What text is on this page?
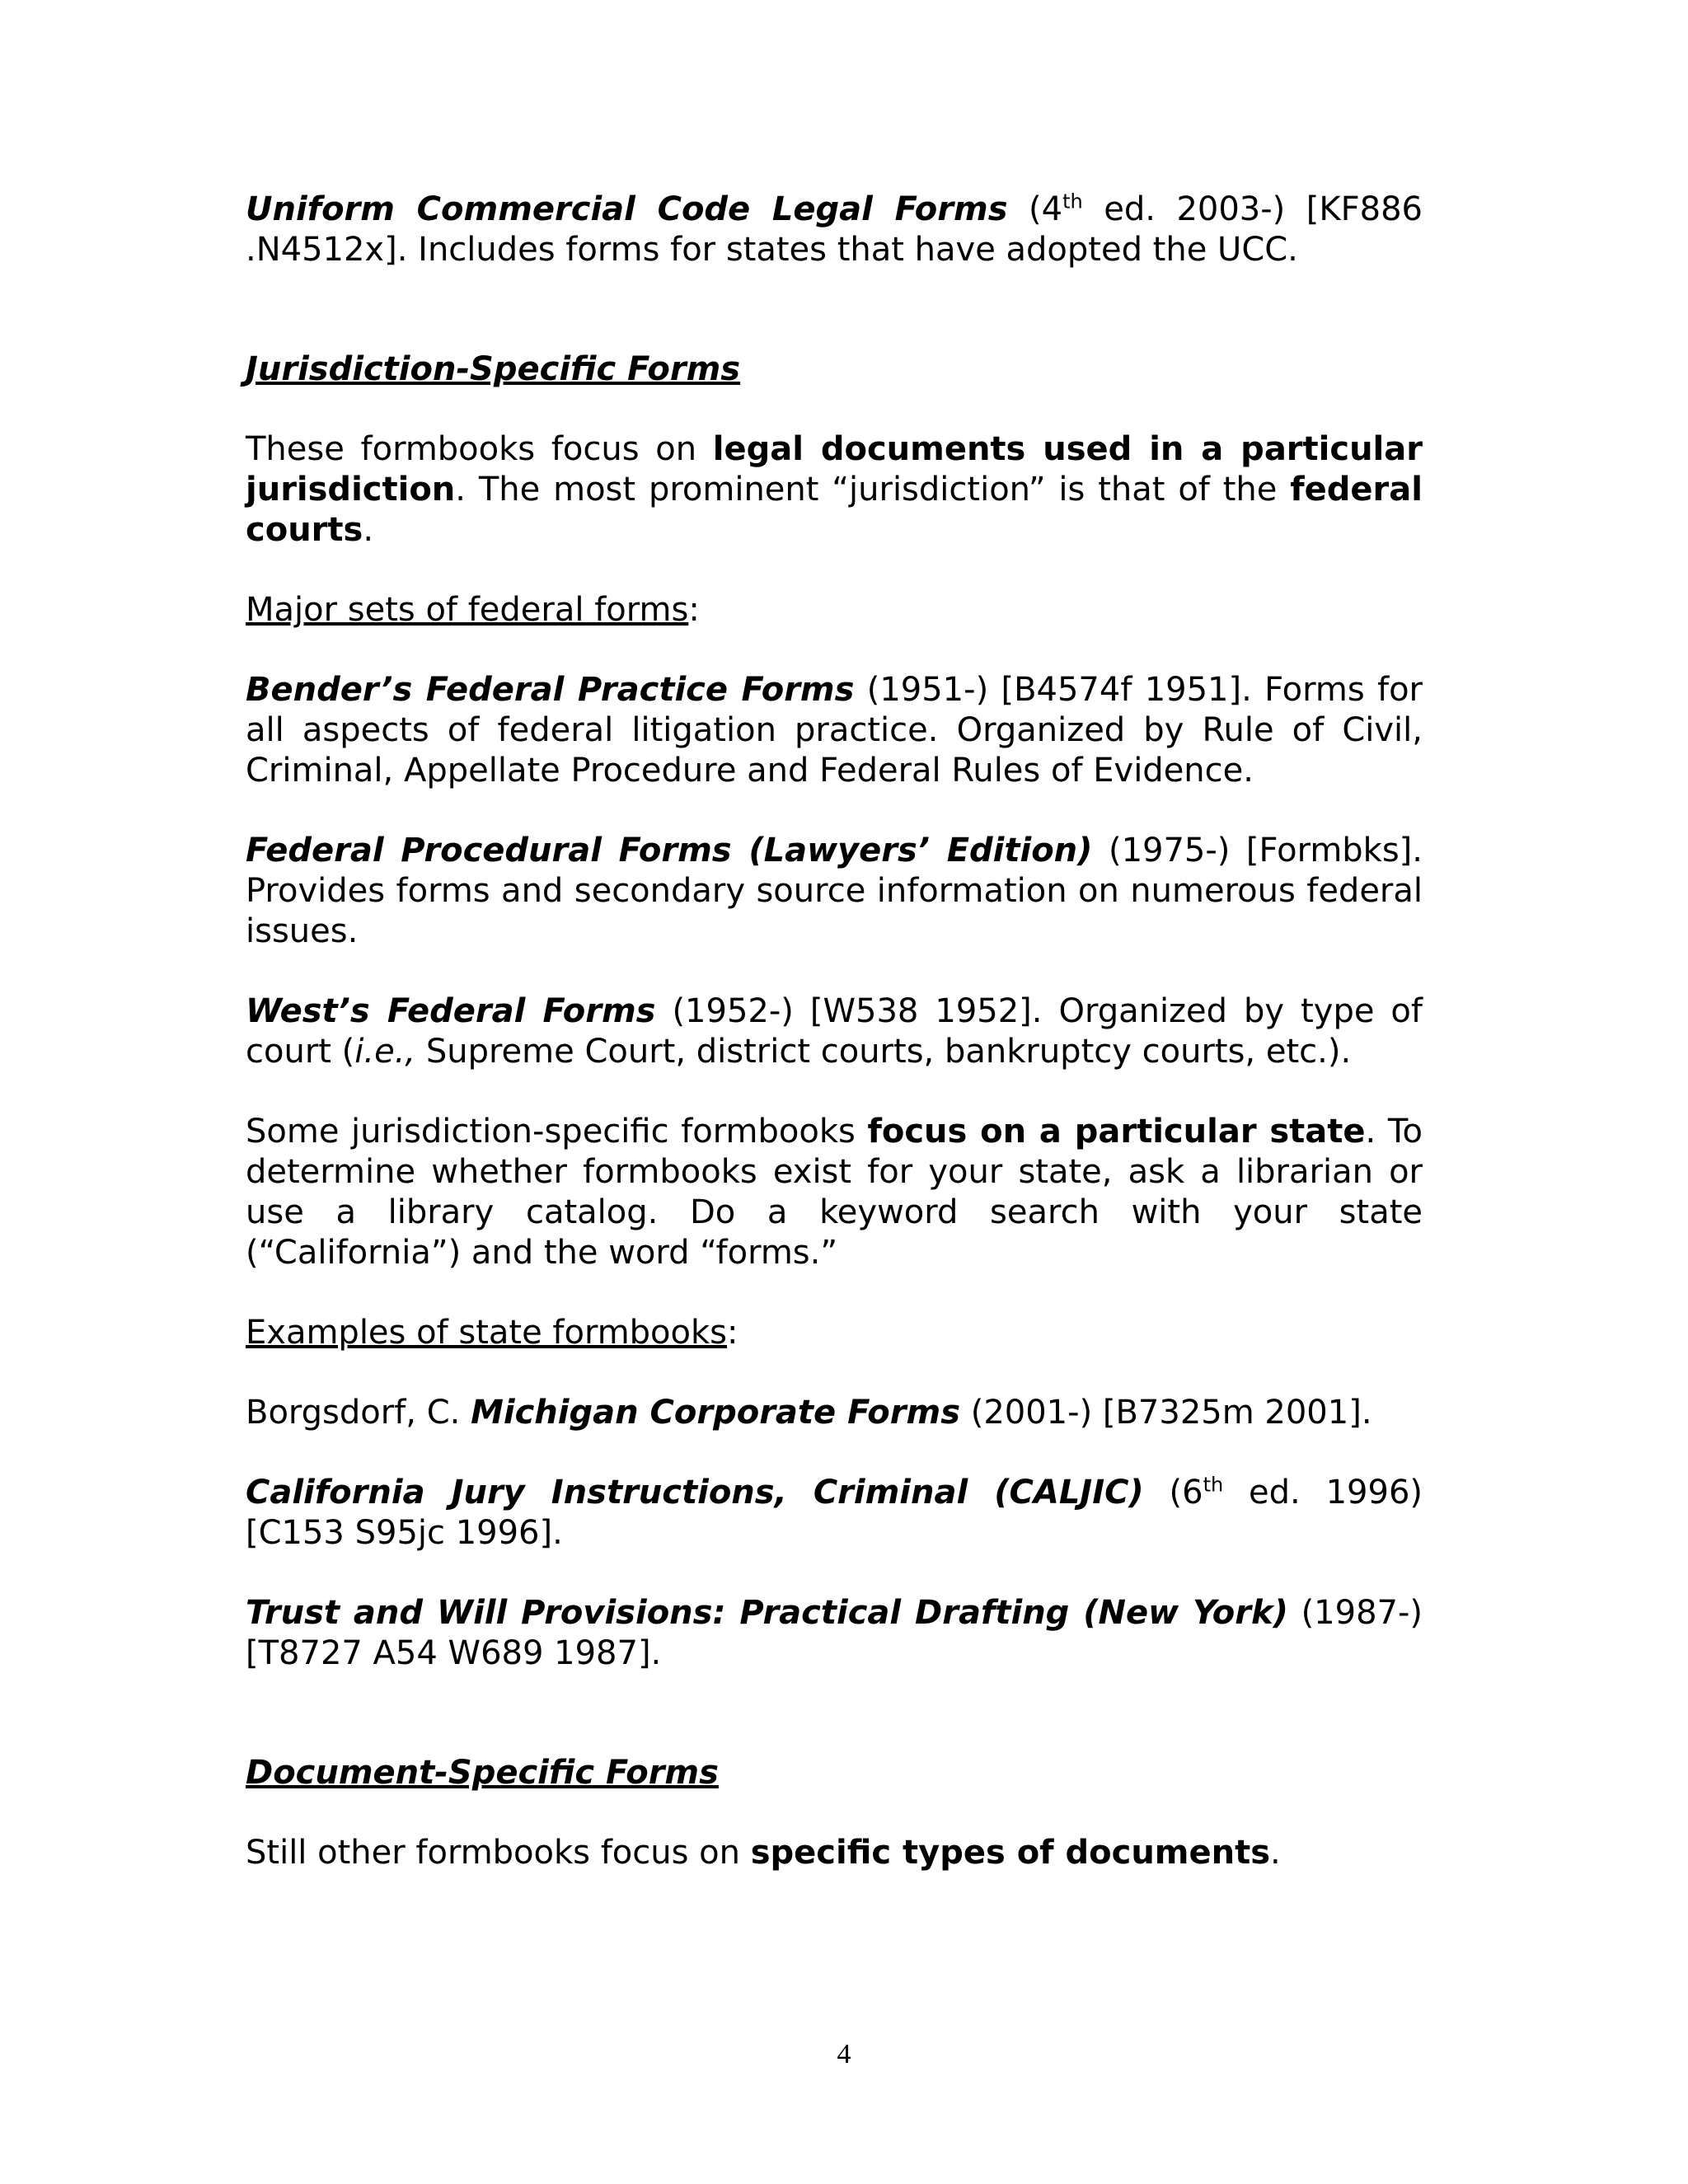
Uniform Commercial Code Legal Forms (4th ed. 2003-) [KF886 .N4512x]. Includes forms for states that have adopted the UCC.

Jurisdiction-Specific Forms

These formbooks focus on legal documents used in a particular jurisdiction. The most prominent “jurisdiction” is that of the federal courts.

Major sets of federal forms:

Bender’s Federal Practice Forms (1951-) [B4574f 1951]. Forms for all aspects of federal litigation practice. Organized by Rule of Civil, Criminal, Appellate Procedure and Federal Rules of Evidence.

Federal Procedural Forms (Lawyers’ Edition) (1975-) [Formbks]. Provides forms and secondary source information on numerous federal issues.

West’s Federal Forms (1952-) [W538 1952]. Organized by type of court (i.e., Supreme Court, district courts, bankruptcy courts, etc.).

Some jurisdiction-specific formbooks focus on a particular state. To determine whether formbooks exist for your state, ask a librarian or use a library catalog. Do a keyword search with your state (“California”) and the word “forms.”

Examples of state formbooks:

Borgsdorf, C. Michigan Corporate Forms (2001-) [B7325m 2001].

California Jury Instructions, Criminal (CALJIC) (6th ed. 1996) [C153 S95jc 1996].

Trust and Will Provisions: Practical Drafting (New York) (1987-) [T8727 A54 W689 1987].

Document-Specific Forms

Still other formbooks focus on specific types of documents.

4
